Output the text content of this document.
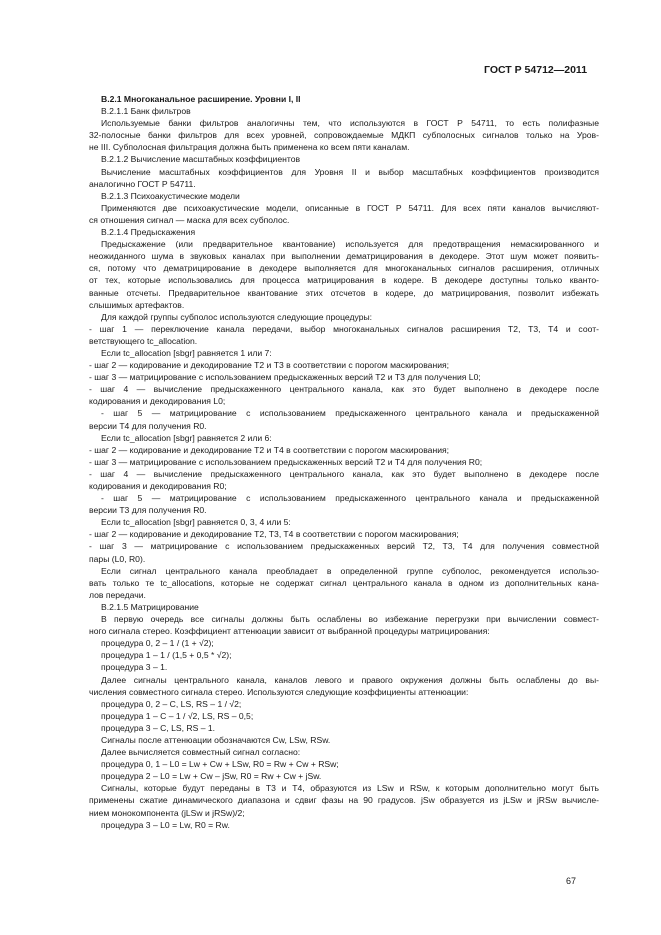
ГОСТ Р 54712—2011
B.2.1 Многоканальное расширение. Уровни I, II
B.2.1.1 Банк фильтров
Используемые банки фильтров аналогичны тем, что используются в ГОСТ Р 54711, то есть полифазные
32-полосные банки фильтров для всех уровней, сопровождаемые МДКП субполосных сигналов только на Уров-
не III. Субполосная фильтрация должна быть применена ко всем пяти каналам.
B.2.1.2 Вычисление масштабных коэффициентов
Вычисление масштабных коэффициентов для Уровня II и выбор масштабных коэффициентов производится
аналогично ГОСТ Р 54711.
B.2.1.3 Психоакустические модели
Применяются две психоакустические модели, описанные в ГОСТ Р 54711. Для всех пяти каналов вычисляют-
ся отношения сигнал — маска для всех субполос.
B.2.1.4 Предыскажения
Предыскажение (или предварительное квантование) используется для предотвращения немаскированного и
неожиданного шума в звуковых каналах при выполнении дематрицирования в декодере. Этот шум может появить-
ся, потому что дематрицирование в декодере выполняется для многоканальных сигналов расширения, отличных
от тех, которые использовались для процесса матрицирования в кодере. В декодере доступны только кванто-
ванные отсчеты. Предварительное квантование этих отсчетов в кодере, до матрицирования, позволит избежать
слышимых артефактов.
Для каждой группы субполос используются следующие процедуры:
- шаг 1 — переключение канала передачи, выбор многоканальных сигналов расширения T2, T3, T4 и соот-
ветствующего tc_allocation.
Если tc_allocation [sbgr] равняется 1 или 7:
- шаг 2 — кодирование и декодирование T2 и T3 в соответствии с порогом маскирования;
- шаг 3 — матрицирование с использованием предыскаженных версий T2 и T3 для получения L0;
- шаг 4 — вычисление предыскаженного центрального канала, как это будет выполнено в декодере после
кодирования и декодирования L0;
- шаг 5 — матрицирование с использованием предыскаженного центрального канала и предыскаженной
версии T4 для получения R0.
Если tc_allocation [sbgr] равняется 2 или 6:
- шаг 2 — кодирование и декодирование T2 и T4 в соответствии с порогом маскирования;
- шаг 3 — матрицирование с использованием предыскаженных версий T2 и T4 для получения R0;
- шаг 4 — вычисление предыскаженного центрального канала, как это будет выполнено в декодере после
кодирования и декодирования R0;
- шаг 5 — матрицирование с использованием предыскаженного центрального канала и предыскаженной
версии T3 для получения R0.
Если tc_allocation [sbgr] равняется 0, 3, 4 или 5:
- шаг 2 — кодирование и декодирование T2, T3, T4 в соответствии с порогом маскирования;
- шаг 3 — матрицирование с использованием предыскаженных версий T2, T3, T4 для получения совместной
пары (L0, R0).
Если сигнал центрального канала преобладает в определенной группе субполос, рекомендуется использо-
вать только те tc_allocations, которые не содержат сигнал центрального канала в одном из дополнительных кана-
лов передачи.
B.2.1.5 Матрицирование
В первую очередь все сигналы должны быть ослаблены во избежание перегрузки при вычислении совмест-
ного сигнала стерео. Коэффициент аттенюации зависит от выбранной процедуры матрицирования:
процедура 0, 2 – 1 / (1 + √2);
процедура 1 – 1 / (1,5 + 0,5 * √2);
процедура 3 – 1.
Далее сигналы центрального канала, каналов левого и правого окружения должны быть ослаблены до вы-
числения совместного сигнала стерео. Используются следующие коэффициенты аттенюации:
процедура 0, 2 – C, LS, RS – 1 / √2;
процедура 1 – C – 1 / √2, LS, RS – 0,5;
процедура 3 – C, LS, RS – 1.
Сигналы после аттенюации обозначаются Cw, LSw, RSw.
Далее вычисляется совместный сигнал согласно:
процедура 0, 1 – L0 = Lw + Cw + LSw, R0 = Rw + Cw + RSw;
процедура 2 – L0 = Lw + Cw – jSw, R0 = Rw + Cw + jSw.
Сигналы, которые будут переданы в T3 и T4, образуются из LSw и RSw, к которым дополнительно могут быть
применены сжатие динамического диапазона и сдвиг фазы на 90 градусов. jSw образуется из jLSw и jRSw вычисле-
нием монокомпонента (jLSw и jRSw)/2;
процедура 3 – L0 = Lw, R0 = Rw.
67
